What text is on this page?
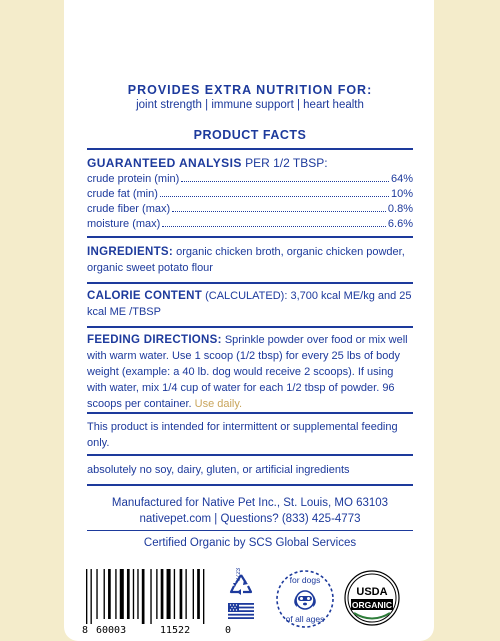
PROVIDES EXTRA NUTRITION FOR:
joint strength | immune support | heart health
PRODUCT FACTS
GUARANTEED ANALYSIS PER 1/2 TBSP:
crude protein (min)	64%
crude fat (min)	10%
crude fiber (max)	0.8%
moisture (max)	6.6%
INGREDIENTS: organic chicken broth, organic chicken powder, organic sweet potato flour
CALORIE CONTENT (CALCULATED): 3,700 kcal ME/kg and 25 kcal ME /TBSP
FEEDING DIRECTIONS: Sprinkle powder over food or mix well with warm water. Use 1 scoop (1/2 tbsp) for every 25 lbs of body weight (example: a 40 lb. dog would receive 2 scoops). If using with water, mix 1/4 cup of water for each 1/2 tbsp of powder. 96 scoops per container. Use daily.
This product is intended for intermittent or supplemental feeding only.
absolutely no soy, dairy, gluten, or artificial ingredients
Manufactured for Native Pet Inc., St. Louis, MO 63103
nativepet.com | Questions? (833) 425-4773
Certified Organic by SCS Global Services
8 60003	11522	0
V723	for dogs
of all ages
USDA
ORGANIC
